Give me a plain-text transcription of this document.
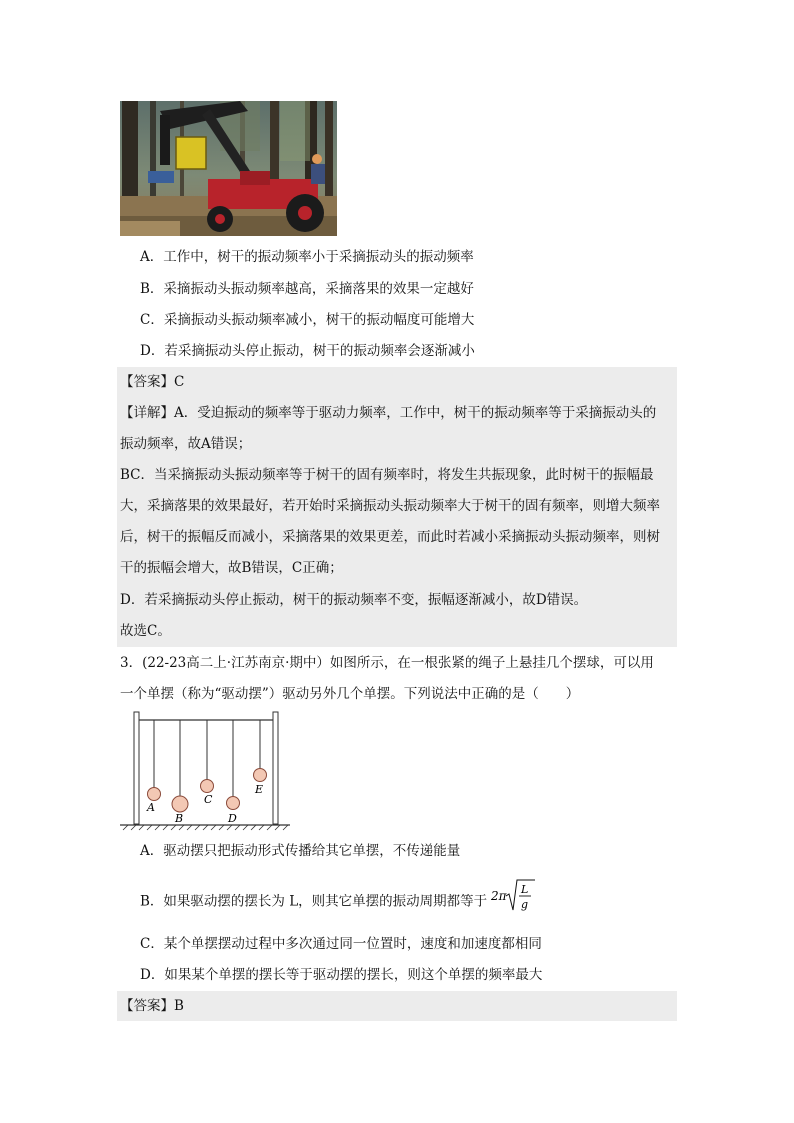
A．工作中，树干的振动频率小于采摘振动头的振动频率
B．采摘振动头振动频率越高，采摘落果的效果一定越好
C．采摘振动头振动频率减小，树干的振动幅度可能增大
D．若采摘振动头停止振动，树干的振动频率会逐渐减小
【答案】C
【详解】A．受迫振动的频率等于驱动力频率，工作中，树干的振动频率等于采摘振动头的
振动频率，故A错误；
BC．当采摘振动头振动频率等于树干的固有频率时，将发生共振现象，此时树干的振幅最
大，采摘落果的效果最好，若开始时采摘振动头振动频率大于树干的固有频率，则增大频率
后，树干的振幅反而减小，采摘落果的效果更差，而此时若减小采摘振动头振动频率，则树
干的振幅会增大，故B错误，C正确；
D．若采摘振动头停止振动，树干的振动频率不变，振幅逐渐减小，故D错误。
故选C。
3．(22-23高二上·江苏南京·期中）如图所示，在一根张紧的绳子上悬挂几个摆球，可以用
一个单摆（称为“驱动摆”）驱动另外几个单摆。下列说法中正确的是（　　）
A
B
C
D
E
A．驱动摆只把振动形式传播给其它单摆，不传递能量
B．如果驱动摆的摆长为 L，则其它单摆的振动周期都等于 2π L
g
C．某个单摆摆动过程中多次通过同一位置时，速度和加速度都相同
D．如果某个单摆的摆长等于驱动摆的摆长，则这个单摆的频率最大
【答案】B
